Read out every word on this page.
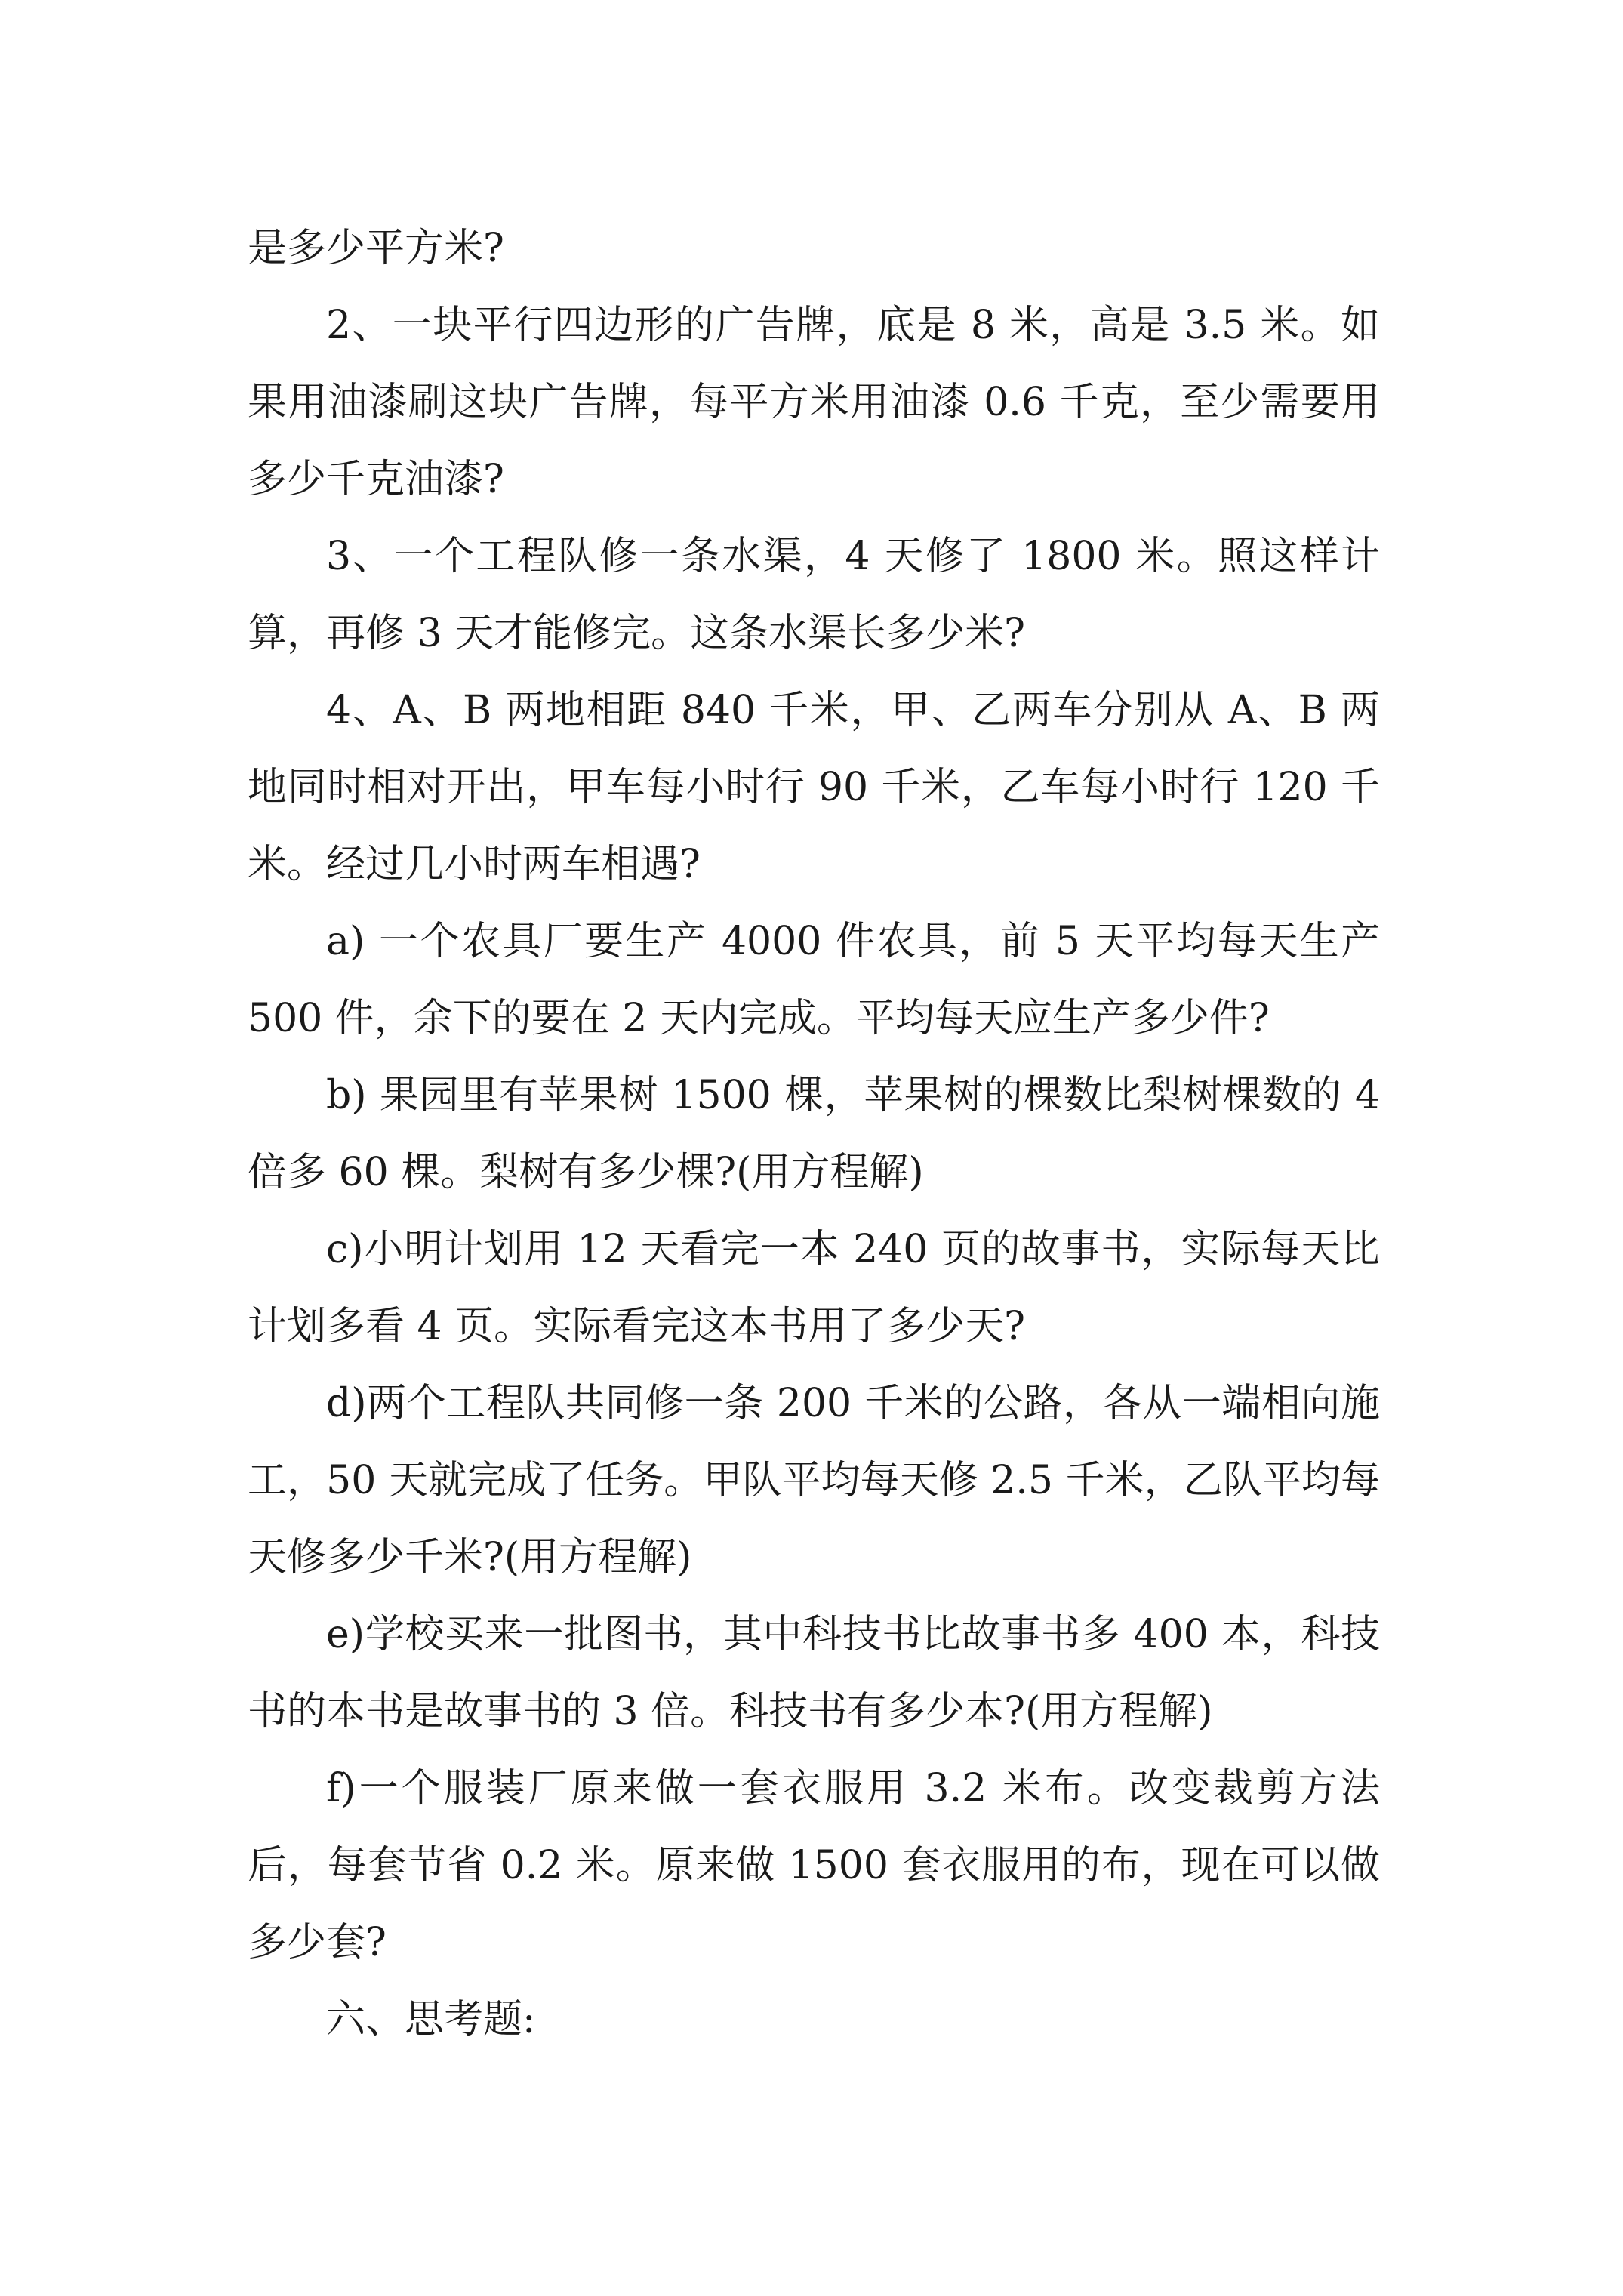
是多少平方米?

2、一块平行四边形的广告牌，底是 8 米，高是 3.5 米。如果用油漆刷这块广告牌，每平方米用油漆 0.6 千克，至少需要用多少千克油漆?

3、一个工程队修一条水渠，4 天修了 1800 米。照这样计算，再修 3 天才能修完。这条水渠长多少米?

4、A、B 两地相距 840 千米，甲、乙两车分别从 A、B 两地同时相对开出，甲车每小时行 90 千米，乙车每小时行 120 千米。经过几小时两车相遇?

a) 一个农具厂要生产 4000 件农具，前 5 天平均每天生产 500 件，余下的要在 2 天内完成。平均每天应生产多少件?

b) 果园里有苹果树 1500 棵，苹果树的棵数比梨树棵数的 4 倍多 60 棵。梨树有多少棵?(用方程解)

c)小明计划用 12 天看完一本 240 页的故事书，实际每天比计划多看 4 页。实际看完这本书用了多少天?

d)两个工程队共同修一条 200 千米的公路，各从一端相向施工，50 天就完成了任务。甲队平均每天修 2.5 千米，乙队平均每天修多少千米?(用方程解)

e)学校买来一批图书，其中科技书比故事书多 400 本，科技书的本书是故事书的 3 倍。科技书有多少本?(用方程解)

f)一个服装厂原来做一套衣服用 3.2 米布。改变裁剪方法后，每套节省 0.2 米。原来做 1500 套衣服用的布，现在可以做多少套?

六、思考题:
